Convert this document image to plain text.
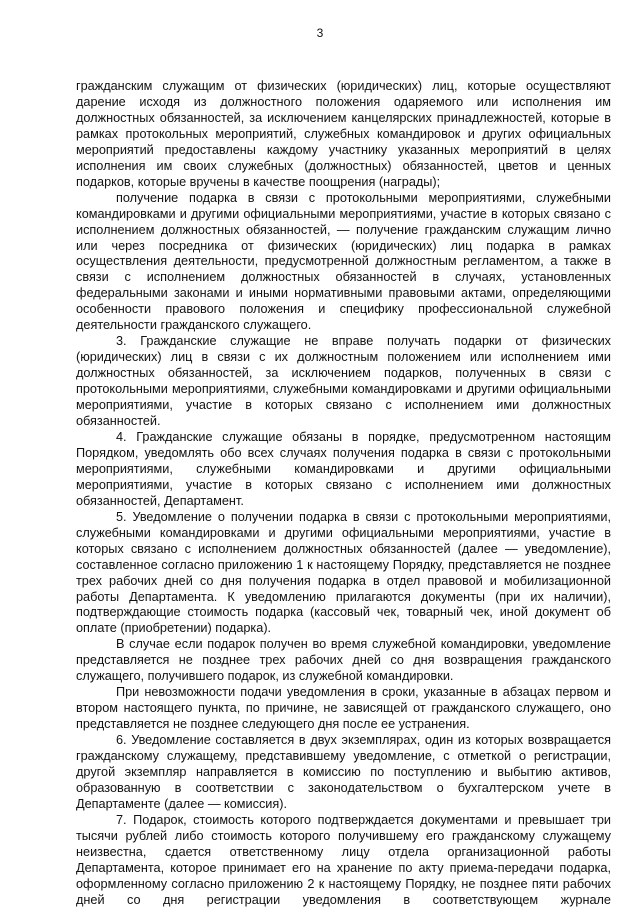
3

гражданским служащим от физических (юридических) лиц, которые осуществляют дарение исходя из должностного положения одаряемого или исполнения им должностных обязанностей, за исключением канцелярских принадлежностей, которые в рамках протокольных мероприятий, служебных командировок и других официальных мероприятий предоставлены каждому участнику указанных мероприятий в целях исполнения им своих служебных (должностных) обязанностей, цветов и ценных подарков, которые вручены в качестве поощрения (награды);

получение подарка в связи с протокольными мероприятиями, служебными командировками и другими официальными мероприятиями, участие в которых связано с исполнением должностных обязанностей, — получение гражданским служащим лично или через посредника от физических (юридических) лиц подарка в рамках осуществления деятельности, предусмотренной должностным регламентом, а также в связи с исполнением должностных обязанностей в случаях, установленных федеральными законами и иными нормативными правовыми актами, определяющими особенности правового положения и специфику профессиональной служебной деятельности гражданского служащего.

3. Гражданские служащие не вправе получать подарки от физических (юридических) лиц в связи с их должностным положением или исполнением ими должностных обязанностей, за исключением подарков, полученных в связи с протокольными мероприятиями, служебными командировками и другими официальными мероприятиями, участие в которых связано с исполнением ими должностных обязанностей.

4. Гражданские служащие обязаны в порядке, предусмотренном настоящим Порядком, уведомлять обо всех случаях получения подарка в связи с протокольными мероприятиями, служебными командировками и другими официальными мероприятиями, участие в которых связано с исполнением ими должностных обязанностей, Департамент.

5. Уведомление о получении подарка в связи с протокольными мероприятиями, служебными командировками и другими официальными мероприятиями, участие в которых связано с исполнением должностных обязанностей (далее — уведомление), составленное согласно приложению 1 к настоящему Порядку, представляется не позднее трех рабочих дней со дня получения подарка в отдел правовой и мобилизационной работы Департамента. К уведомлению прилагаются документы (при их наличии), подтверждающие стоимость подарка (кассовый чек, товарный чек, иной документ об оплате (приобретении) подарка).

В случае если подарок получен во время служебной командировки, уведомление представляется не позднее трех рабочих дней со дня возвращения гражданского служащего, получившего подарок, из служебной командировки.

При невозможности подачи уведомления в сроки, указанные в абзацах первом и втором настоящего пункта, по причине, не зависящей от гражданского служащего, оно представляется не позднее следующего дня после ее устранения.

6. Уведомление составляется в двух экземплярах, один из которых возвращается гражданскому служащему, представившему уведомление, с отметкой о регистрации, другой экземпляр направляется в комиссию по поступлению и выбытию активов, образованную в соответствии с законодательством о бухгалтерском учете в Департаменте (далее — комиссия).

7. Подарок, стоимость которого подтверждается документами и превышает три тысячи рублей либо стоимость которого получившему его гражданскому служащему неизвестна, сдается ответственному лицу отдела организационной работы Департамента, которое принимает его на хранение по акту приема-передачи подарка, оформленному согласно приложению 2 к настоящему Порядку, не позднее пяти рабочих дней со дня регистрации уведомления в соответствующем журнале
